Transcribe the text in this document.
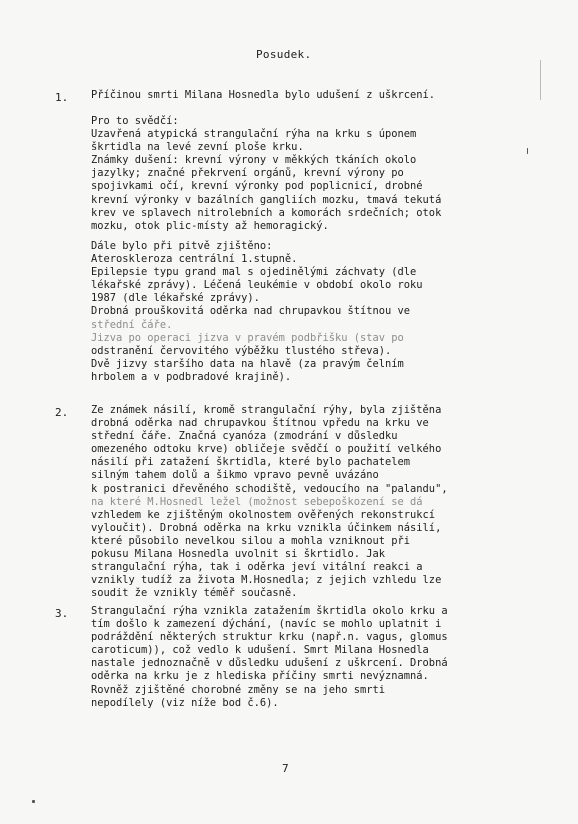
Posudek.
1. Příčinou smrti Milana Hosnedla bylo udušení z uškrcení.
Pro to svědčí:
Uzavřená atypická strangulační rýha na krku s úponem
škrtidla na levé zevní ploše krku.
Známky dušení: krevní výrony v měkkých tkáních okolo
jazylky; značné překrvení orgánů, krevní výrony po
spojivkami očí, krevní výronky pod poplicnicí, drobné
krevní výronky v bazálních gangliích mozku, tmavá tekutá
krev ve splavech nitrolebních a komorách srdečních; otok
mozku, otok plic-místy až hemoragický.
Dále bylo při pitvě zjištěno:
Ateroskleroza centrální 1.stupně.
Epilepsie typu grand mal s ojedinělými záchvaty (dle
lékařské zprávy). Léčená leukémie v období okolo roku
1987 (dle lékařské zprávy).
Drobná prouškovitá oděrka nad chrupavkou štítnou ve
střední čáře.
Jizva po operaci jizva v pravém podbřišku (stav po
odstranění červovitého výběžku tlustého střeva).
Dvě jizvy staršího data na hlavě (za pravým čelním
hrbolem a v podbradové krajině).
2. Ze známek násilí, kromě strangulační rýhy, byla zjištěna
drobná oděrka nad chrupavkou štítnou vpředu na krku ve
střední čáře. Značná cyanóza (zmodrání v důsledku
omezeného odtoku krve) obličeje svědčí o použití velkého
násilí při zatažení škrtidla, které bylo pachatelem
silným tahem dolů a šikmo vpravo pevně uvázáno
k postranici dřevěného schodiště, vedoucího na "palandu",
na které M.Hosnedl ležel (možnost sebepoškození se dá
vzhledem ke zjištěným okolnostem ověřených rekonstrukcí
vyloučit). Drobná oděrka na krku vznikla účinkem násilí,
které působilo nevelkou silou a mohla vzniknout při
pokusu Milana Hosnedla uvolnit si škrtidlo. Jak
strangulační rýha, tak i oděrka jeví vitální reakci a
vznikly tudíž za života M.Hosnedla; z jejich vzhledu lze
soudit že vznikly téměř současně.
3. Strangulační rýha vznikla zatažením škrtidla okolo krku a
tím došlo k zamezení dýchání, (navíc se mohlo uplatnit i
podráždění některých struktur krku (např.n. vagus, glomus
caroticum)), což vedlo k udušení. Smrt Milana Hosnedla
nastale jednoznačně v důsledku udušení z uškrcení. Drobná
oděrka na krku je z hlediska příčiny smrti nevýznamná.
Rovněž zjištěné chorobné změny se na jeho smrti
nepodílely (viz níže bod č.6).
7
